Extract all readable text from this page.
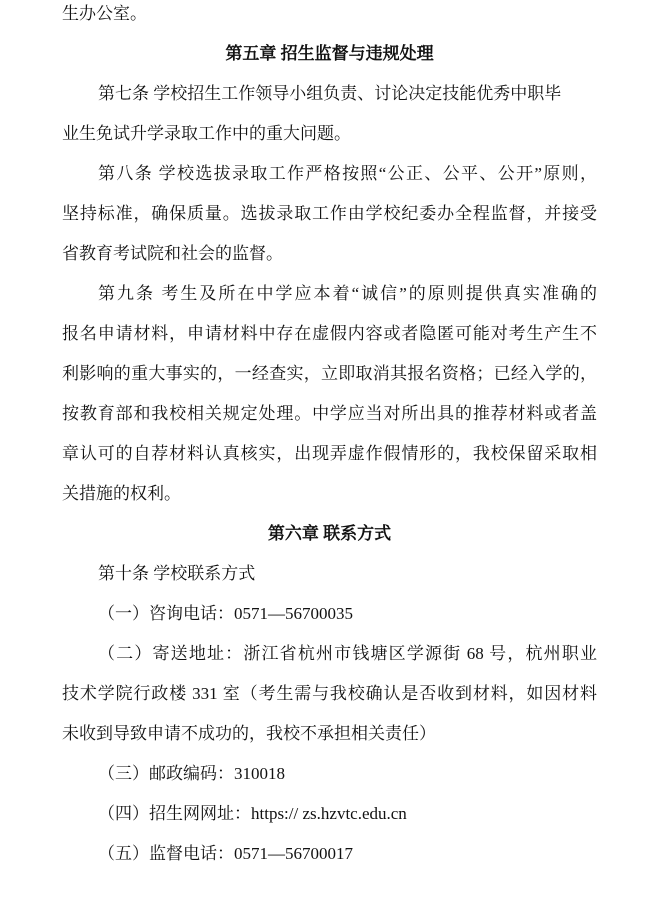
生办公室。
第五章 招生监督与违规处理
第七条 学校招生工作领导小组负责、讨论决定技能优秀中职毕
业生免试升学录取工作中的重大问题。
第八条 学校选拔录取工作严格按照“公正、公平、公开”原则，
坚持标准，确保质量。选拔录取工作由学校纪委办全程监督，并接受
省教育考试院和社会的监督。
第九条 考生及所在中学应本着“诚信”的原则提供真实准确的
报名申请材料，申请材料中存在虚假内容或者隐匿可能对考生产生不
利影响的重大事实的，一经查实，立即取消其报名资格；已经入学的，
按教育部和我校相关规定处理。中学应当对所出具的推荐材料或者盖
章认可的自荐材料认真核实，出现弄虚作假情形的，我校保留采取相
关措施的权利。
第六章 联系方式
第十条 学校联系方式
（一）咨询电话：0571—56700035
（二）寄送地址：浙江省杭州市钱塘区学源街 68 号，杭州职业
技术学院行政楼 331 室（考生需与我校确认是否收到材料，如因材料
未收到导致申请不成功的，我校不承担相关责任）
（三）邮政编码：310018
（四）招生网网址：https:// zs.hzvtc.edu.cn
（五）监督电话：0571—56700017
